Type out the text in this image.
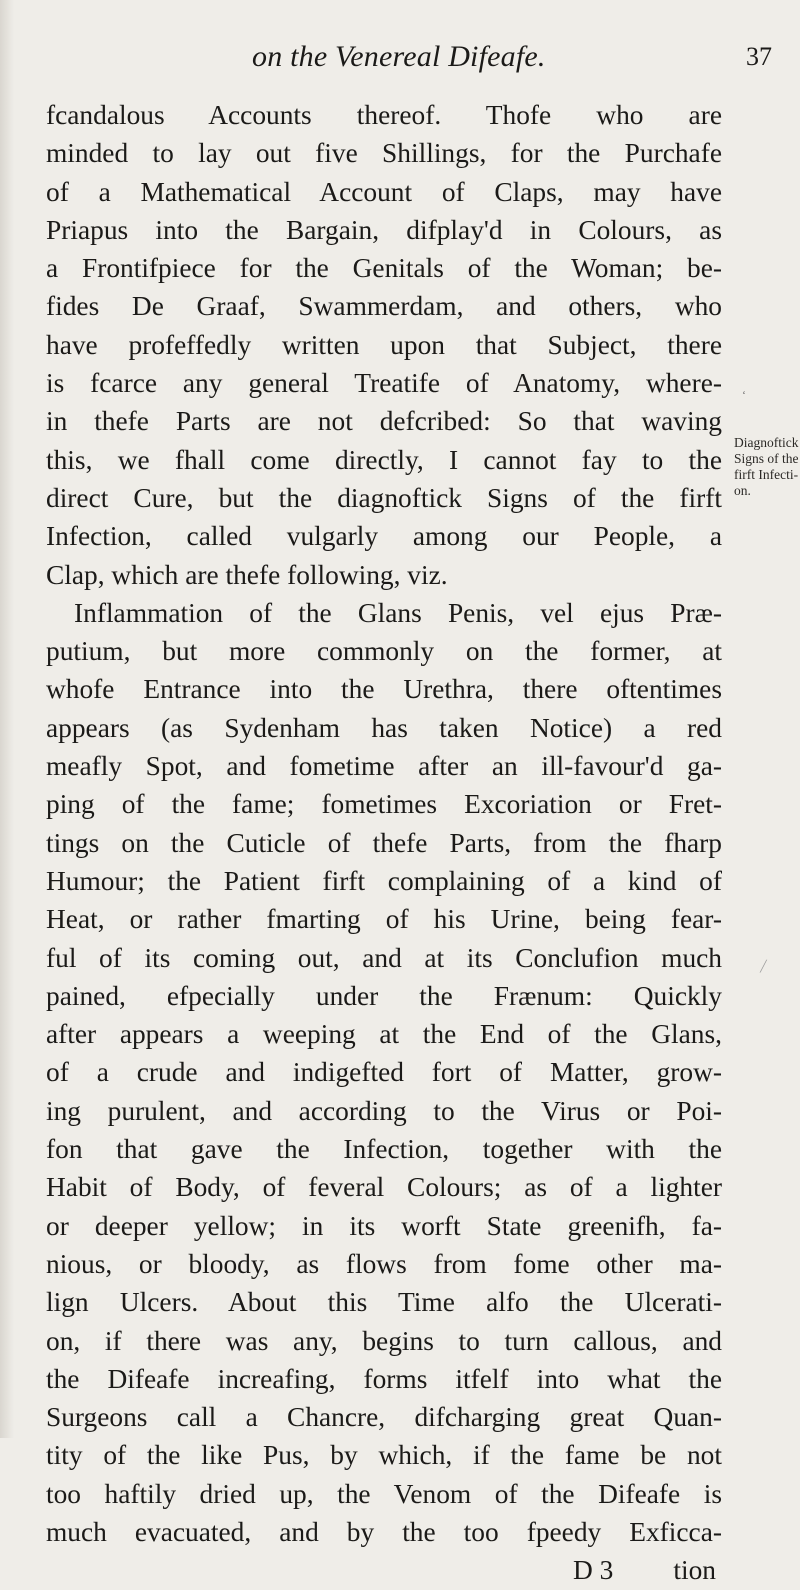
on the Venereal Difeafe.	37
fcandalous Accounts thereof. Thofe who are
minded to lay out five Shillings, for the Purchafe
of a Mathematical Account of Claps, may have
Priapus into the Bargain, difplay'd in Colours, as
a Frontifpiece for the Genitals of the Woman; be-
fides De Graaf, Swammerdam, and others, who
have profeffedly written upon that Subject, there
is fcarce any general Treatife of Anatomy, where-
in thefe Parts are not defcribed: So that waving
this, we fhall come directly, I cannot fay to the
direct Cure, but the diagnoftick Signs of the firft
Infection, called vulgarly among our People, a
Clap, which are thefe following, viz.
Inflammation of the Glans Penis, vel ejus Præ-
putium, but more commonly on the former, at
whofe Entrance into the Urethra, there oftentimes
appears (as Sydenham has taken Notice) a red
meafly Spot, and fometime after an ill-favour'd ga-
ping of the fame; fometimes Excoriation or Fret-
tings on the Cuticle of thefe Parts, from the fharp
Humour; the Patient firft complaining of a kind of
Heat, or rather fmarting of his Urine, being fear-
ful of its coming out, and at its Conclufion much
pained, efpecially under the Frænum: Quickly
after appears a weeping at the End of the Glans,
of a crude and indigefted fort of Matter, grow-
ing purulent, and according to the Virus or Poi-
fon that gave the Infection, together with the
Habit of Body, of feveral Colours; as of a lighter
or deeper yellow; in its worft State greenifh, fa-
nious, or bloody, as flows from fome other ma-
lign Ulcers. About this Time alfo the Ulcerati-
on, if there was any, begins to turn callous, and
the Difeafe increafing, forms itfelf into what the
Surgeons call a Chancre, difcharging great Quan-
tity of the like Pus, by which, if the fame be not
too haftily dried up, the Venom of the Difeafe is
much evacuated, and by the too fpeedy Exficca-
D 3 tion
‘
Diagnoftick
Signs of the
firft Infecti-
on.
⁄
